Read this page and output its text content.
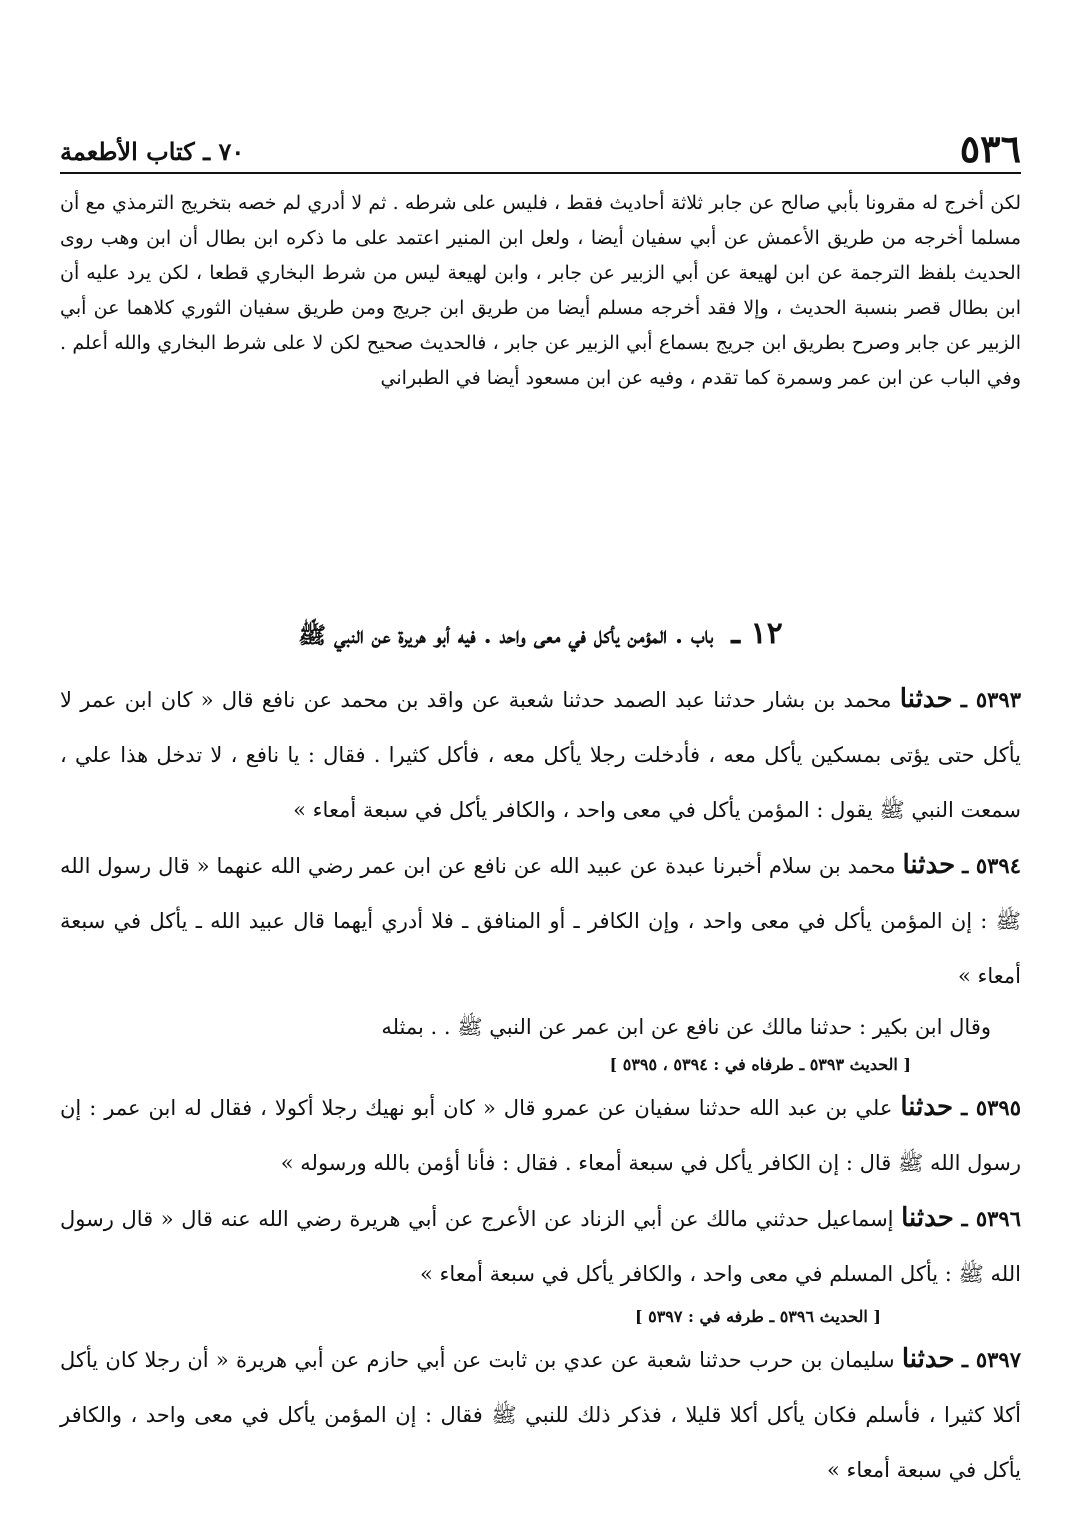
٥٣٦
٧٠ ـ كتاب الأطعمة

لكن أخرج له مقرونا بأبي صالح عن جابر ثلاثة أحاديث فقط ، فليس على شرطه . ثم لا أدري لم خصه بتخريج الترمذي مع أن مسلما أخرجه من طريق الأعمش عن أبي سفيان أيضا ، ولعل ابن المنير اعتمد على ما ذكره ابن بطال أن ابن وهب روى الحديث بلفظ الترجمة عن ابن لهيعة عن أبي الزبير عن جابر ، وابن لهيعة ليس من شرط البخاري قطعا ، لكن يرد عليه أن ابن بطال قصر بنسبة الحديث ، وإلا فقد أخرجه مسلم أيضا من طريق ابن جريج ومن طريق سفيان الثوري كلاهما عن أبي الزبير عن جابر وصرح بطريق ابن جريج بسماع أبي الزبير عن جابر ، فالحديث صحيح لكن لا على شرط البخاري والله أعلم . وفي الباب عن ابن عمر وسمرة كما تقدم ، وفيه عن ابن مسعود أيضا في الطبراني

١٢ ـ باب . المؤمن يأكل في معى واحد . فيه أبو هريرة عن النبي ﷺ

٥٣٩٣ ـ حدثنا محمد بن بشار حدثنا عبد الصمد حدثنا شعبة عن واقد بن محمد عن نافع قال « كان ابن عمر لا يأكل حتى يؤتى بمسكين يأكل معه ، فأدخلت رجلا يأكل معه ، فأكل كثيرا . فقال : يا نافع ، لا تدخل هذا علي ، سمعت النبي ﷺ يقول : المؤمن يأكل في معى واحد ، والكافر يأكل في سبعة أمعاء »

٥٣٩٤ ـ حدثنا محمد بن سلام أخبرنا عبدة عن عبيد الله عن نافع عن ابن عمر رضي الله عنهما « قال رسول الله ﷺ : إن المؤمن يأكل في معى واحد ، وإن الكافر ـ أو المنافق ـ فلا أدري أيهما قال عبيد الله ـ يأكل في سبعة أمعاء »

وقال ابن بكير : حدثنا مالك عن نافع عن ابن عمر عن النبي ﷺ . . بمثله

[ الحديث ٥٣٩٣ ـ طرفاه في : ٥٣٩٤ ، ٥٣٩٥ ]

٥٣٩٥ ـ حدثنا علي بن عبد الله حدثنا سفيان عن عمرو قال « كان أبو نهيك رجلا أكولا ، فقال له ابن عمر : إن رسول الله ﷺ قال : إن الكافر يأكل في سبعة أمعاء . فقال : فأنا أؤمن بالله ورسوله »

٥٣٩٦ ـ حدثنا إسماعيل حدثني مالك عن أبي الزناد عن الأعرج عن أبي هريرة رضي الله عنه قال « قال رسول الله ﷺ : يأكل المسلم في معى واحد ، والكافر يأكل في سبعة أمعاء »

[ الحديث ٥٣٩٦ ـ طرفه في : ٥٣٩٧ ]

٥٣٩٧ ـ حدثنا سليمان بن حرب حدثنا شعبة عن عدي بن ثابت عن أبي حازم عن أبي هريرة « أن رجلا كان يأكل أكلا كثيرا ، فأسلم فكان يأكل أكلا قليلا ، فذكر ذلك للنبي ﷺ فقال : إن المؤمن يأكل في معى واحد ، والكافر يأكل في سبعة أمعاء »
